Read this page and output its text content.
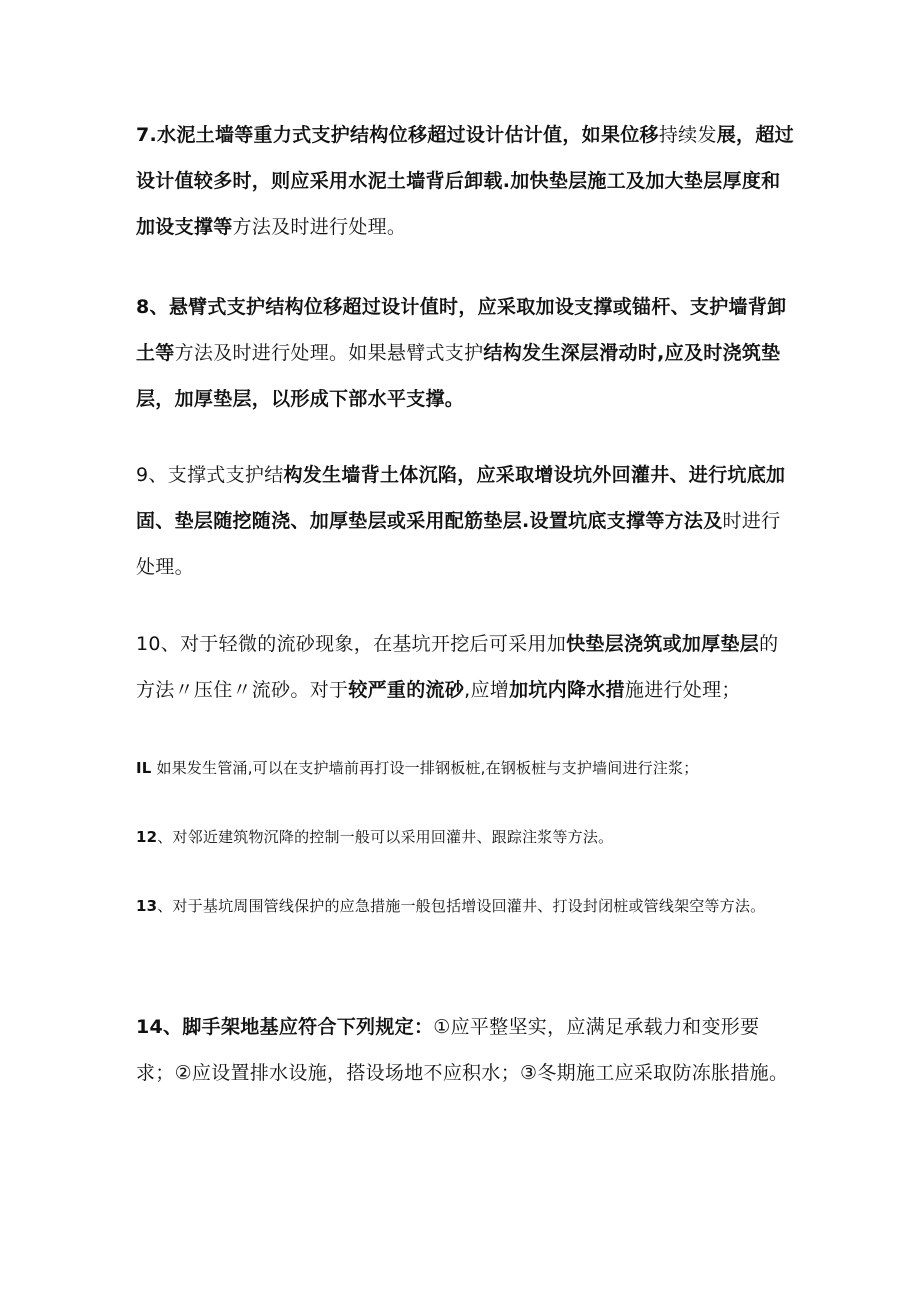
7.水泥土墙等重力式支护结构位移超过设计估计值，如果位移持续发展，超过设计值较多时，则应采用水泥土墙背后卸载.加快垫层施工及加大垫层厚度和加设支撑等方法及时进行处理。

8、悬臂式支护结构位移超过设计值时，应采取加设支撑或锚杆、支护墙背卸土等方法及时进行处理。如果悬臂式支护结构发生深层滑动时,应及时浇筑垫层，加厚垫层，以形成下部水平支撑。

9、支撑式支护结构发生墙背土体沉陷，应采取增设坑外回灌井、进行坑底加固、垫层随挖随浇、加厚垫层或采用配筋垫层.设置坑底支撑等方法及时进行处理。

10、对于轻微的流砂现象，在基坑开挖后可采用加快垫层浇筑或加厚垫层的方法〃压住〃流砂。对于较严重的流砂,应增加坑内降水措施进行处理；

IL 如果发生管涌,可以在支护墙前再打设一排钢板桩,在钢板桩与支护墙间进行注浆；

12、对邻近建筑物沉降的控制一般可以采用回灌井、跟踪注浆等方法。

13、对于基坑周围管线保护的应急措施一般包括增设回灌井、打设封闭桩或管线架空等方法。

14、脚手架地基应符合下列规定：①应平整坚实，应满足承载力和变形要求；②应设置排水设施，搭设场地不应积水；③冬期施工应采取防冻胀措施。
